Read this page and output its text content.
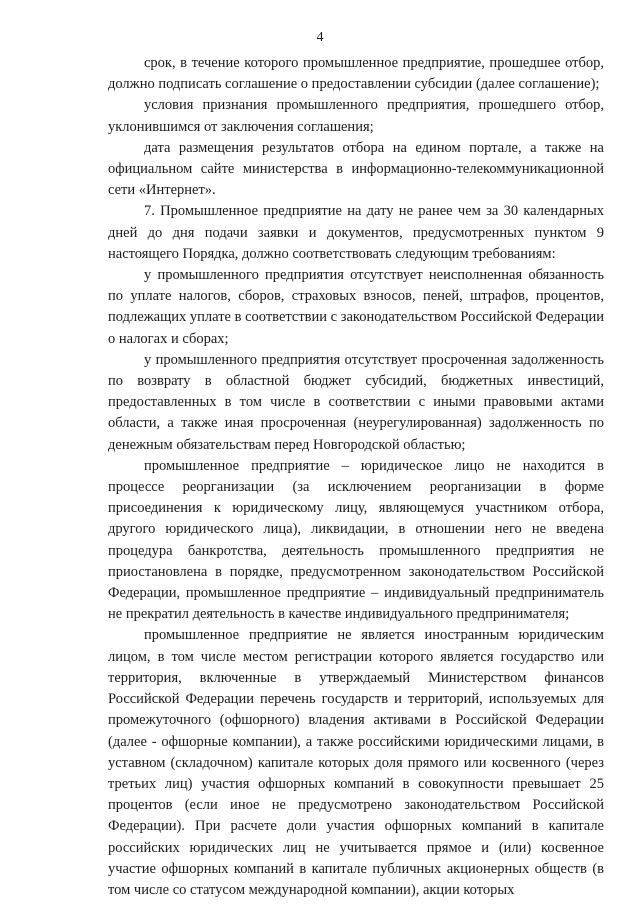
4

срок, в течение которого промышленное предприятие, прошедшее отбор, должно подписать соглашение о предоставлении субсидии (далее соглашение);

условия признания промышленного предприятия, прошедшего отбор, уклонившимся от заключения соглашения;

дата размещения результатов отбора на едином портале, а также на официальном сайте министерства в информационно-телекоммуникационной сети «Интернет».

7. Промышленное предприятие на дату не ранее чем за 30 календарных дней до дня подачи заявки и документов, предусмотренных пунктом 9 настоящего Порядка, должно соответствовать следующим требованиям:

у промышленного предприятия отсутствует неисполненная обязанность по уплате налогов, сборов, страховых взносов, пеней, штрафов, процентов, подлежащих уплате в соответствии с законодательством Российской Федерации о налогах и сборах;

у промышленного предприятия отсутствует просроченная задолженность по возврату в областной бюджет субсидий, бюджетных инвестиций, предоставленных в том числе в соответствии с иными правовыми актами области, а также иная просроченная (неурегулированная) задолженность по денежным обязательствам перед Новгородской областью;

промышленное предприятие – юридическое лицо не находится в процессе реорганизации (за исключением реорганизации в форме присоединения к юридическому лицу, являющемуся участником отбора, другого юридического лица), ликвидации, в отношении него не введена процедура банкротства, деятельность промышленного предприятия не приостановлена в порядке, предусмотренном законодательством Российской Федерации, промышленное предприятие – индивидуальный предприниматель не прекратил деятельность в качестве индивидуального предпринимателя;

промышленное предприятие не является иностранным юридическим лицом, в том числе местом регистрации которого является государство или территория, включенные в утверждаемый Министерством финансов Российской Федерации перечень государств и территорий, используемых для промежуточного (офшорного) владения активами в Российской Федерации (далее - офшорные компании), а также российскими юридическими лицами, в уставном (складочном) капитале которых доля прямого или косвенного (через третьих лиц) участия офшорных компаний в совокупности превышает 25 процентов (если иное не предусмотрено законодательством Российской Федерации). При расчете доли участия офшорных компаний в капитале российских юридических лиц не учитывается прямое и (или) косвенное участие офшорных компаний в капитале публичных акционерных обществ (в том числе со статусом международной компании), акции которых
